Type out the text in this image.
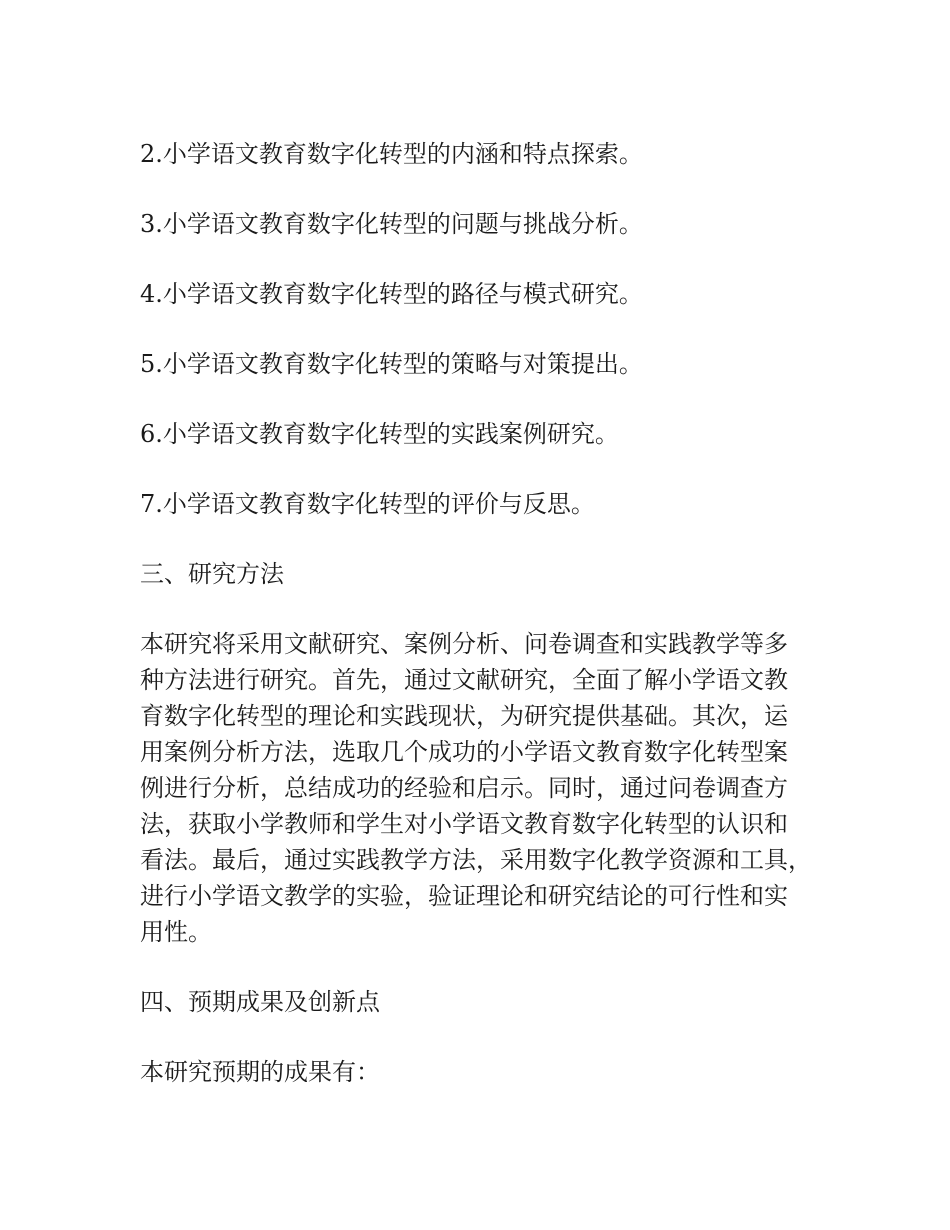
2.小学语文教育数字化转型的内涵和特点探索。

3.小学语文教育数字化转型的问题与挑战分析。

4.小学语文教育数字化转型的路径与模式研究。

5.小学语文教育数字化转型的策略与对策提出。

6.小学语文教育数字化转型的实践案例研究。

7.小学语文教育数字化转型的评价与反思。

三、研究方法

本研究将采用文献研究、案例分析、问卷调查和实践教学等多
种方法进行研究。首先，通过文献研究，全面了解小学语文教
育数字化转型的理论和实践现状，为研究提供基础。其次，运
用案例分析方法，选取几个成功的小学语文教育数字化转型案
例进行分析，总结成功的经验和启示。同时，通过问卷调查方
法，获取小学教师和学生对小学语文教育数字化转型的认识和
看法。最后，通过实践教学方法，采用数字化教学资源和工具，
进行小学语文教学的实验，验证理论和研究结论的可行性和实
用性。

四、预期成果及创新点

本研究预期的成果有：
